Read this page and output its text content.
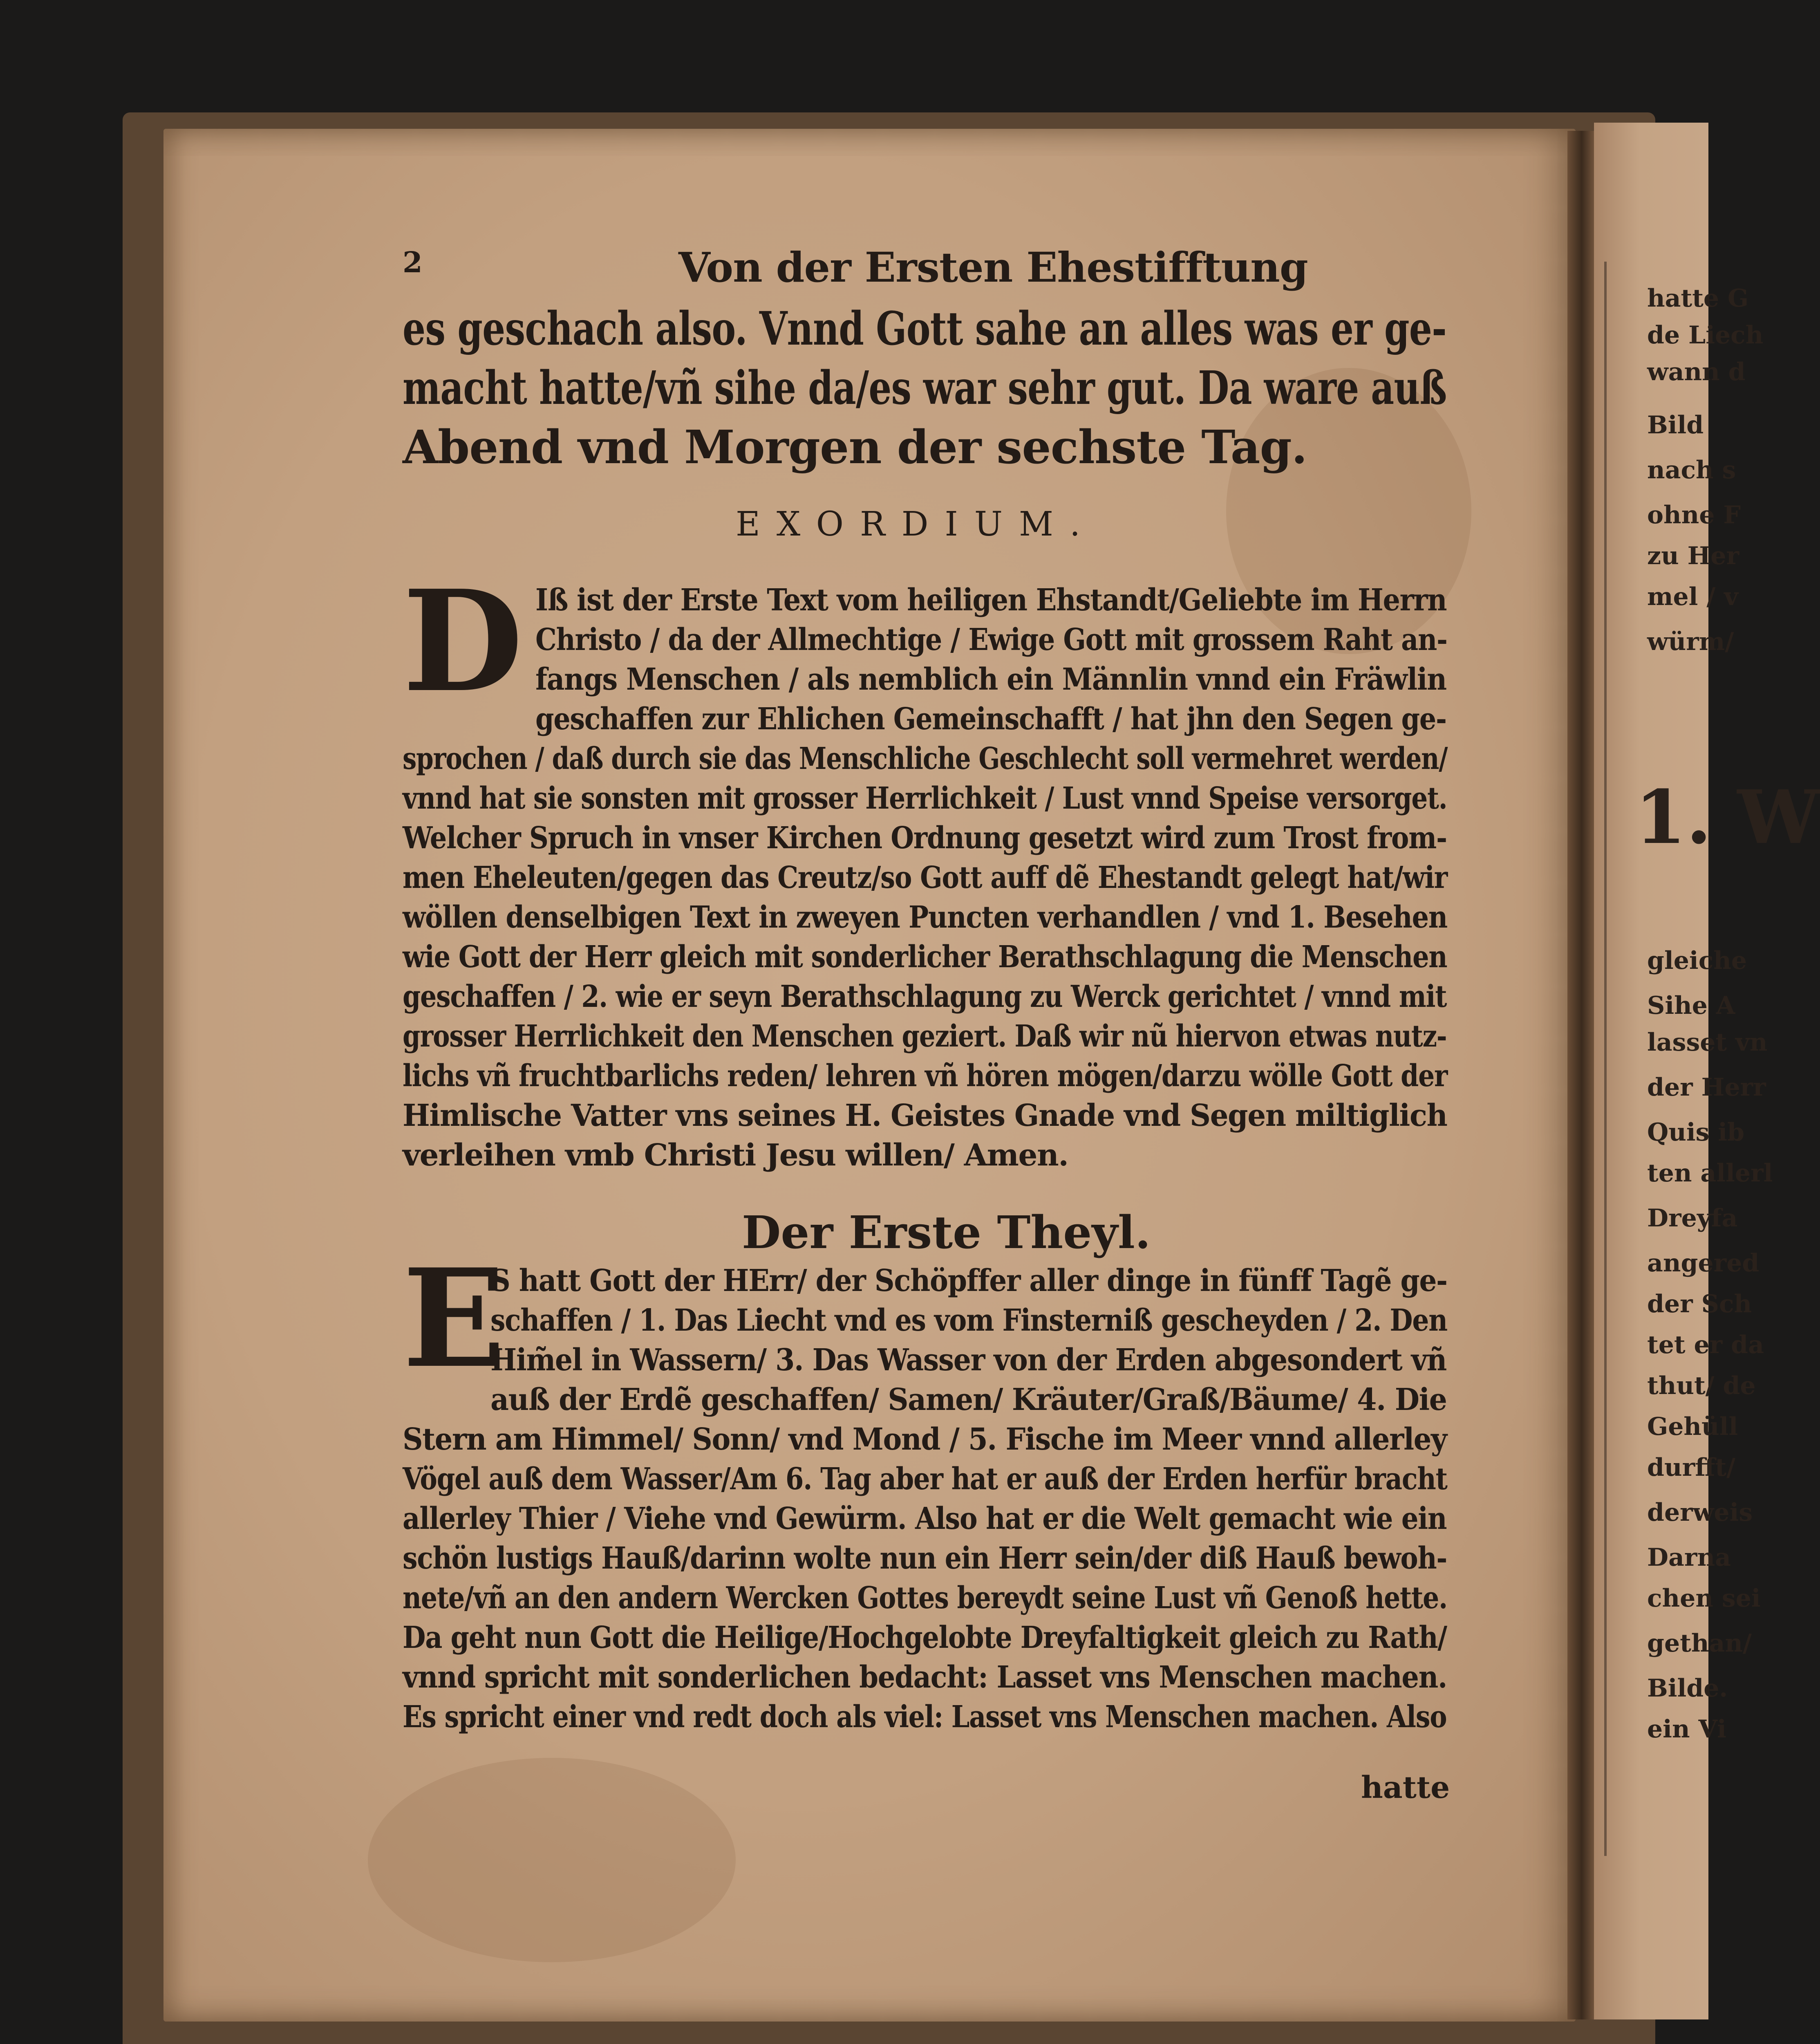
hatte G
de Liech
wann d
Bild
nach s
ohne F
zu Her
mel / v
würm/
1. W
gleiche
Sihe A
lasset vn
der Herr
Quis ib
ten allerl
Dreyfa
angered
der Sch
tet er da
thut/ de
Gehüll
durfft/
derweis
Darna
chen sei
gethan/
Bilde.
ein Vi
2	Von der Ersten Ehestifftung
es geschach also. Vnnd Gott sahe an alles was er ge-
macht hatte/vñ sihe da/es war sehr gut. Da ware auß
Abend vnd Morgen der sechste Tag.
EXORDIUM.
D Iß ist der Erste Text vom heiligen Ehstandt/Geliebte im Herrn
Christo / da der Allmechtige / Ewige Gott mit grossem Raht an-
fangs Menschen / als nemblich ein Männlin vnnd ein Fräwlin
geschaffen zur Ehlichen Gemeinschafft / hat jhn den Segen ge-
sprochen / daß durch sie das Menschliche Geschlecht soll vermehret werden/
vnnd hat sie sonsten mit grosser Herrlichkeit / Lust vnnd Speise versorget.
Welcher Spruch in vnser Kirchen Ordnung gesetzt wird zum Trost from-
men Eheleuten/gegen das Creutz/so Gott auff dẽ Ehestandt gelegt hat/wir
wöllen denselbigen Text in zweyen Puncten verhandlen / vnd 1. Besehen
wie Gott der Herr gleich mit sonderlicher Berathschlagung die Menschen
geschaffen / 2. wie er seyn Berathschlagung zu Werck gerichtet / vnnd mit
grosser Herrlichkeit den Menschen geziert. Daß wir nũ hiervon etwas nutz-
lichs vñ fruchtbarlichs reden/ lehren vñ hören mögen/darzu wölle Gott der
Himlische Vatter vns seines H. Geistes Gnade vnd Segen miltiglich
verleihen vmb Christi Jesu willen/ Amen.
Der Erste Theyl.
E
S hatt Gott der HErr/ der Schöpffer aller dinge in fünff Tagẽ ge-
schaffen / 1. Das Liecht vnd es vom Finsterniß gescheyden / 2. Den
Him̃el in Wassern/ 3. Das Wasser von der Erden abgesondert vñ
auß der Erdẽ geschaffen/ Samen/ Kräuter/Graß/Bäume/ 4. Die
Stern am Himmel/ Sonn/ vnd Mond / 5. Fische im Meer vnnd allerley
Vögel auß dem Wasser/Am 6. Tag aber hat er auß der Erden herfür bracht
allerley Thier / Viehe vnd Gewürm. Also hat er die Welt gemacht wie ein
schön lustigs Hauß/darinn wolte nun ein Herr sein/der diß Hauß bewoh-
nete/vñ an den andern Wercken Gottes bereydt seine Lust vñ Genoß hette.
Da geht nun Gott die Heilige/Hochgelobte Dreyfaltigkeit gleich zu Rath/
vnnd spricht mit sonderlichen bedacht: Lasset vns Menschen machen.
Es spricht einer vnd redt doch als viel: Lasset vns Menschen machen. Also
hatte
